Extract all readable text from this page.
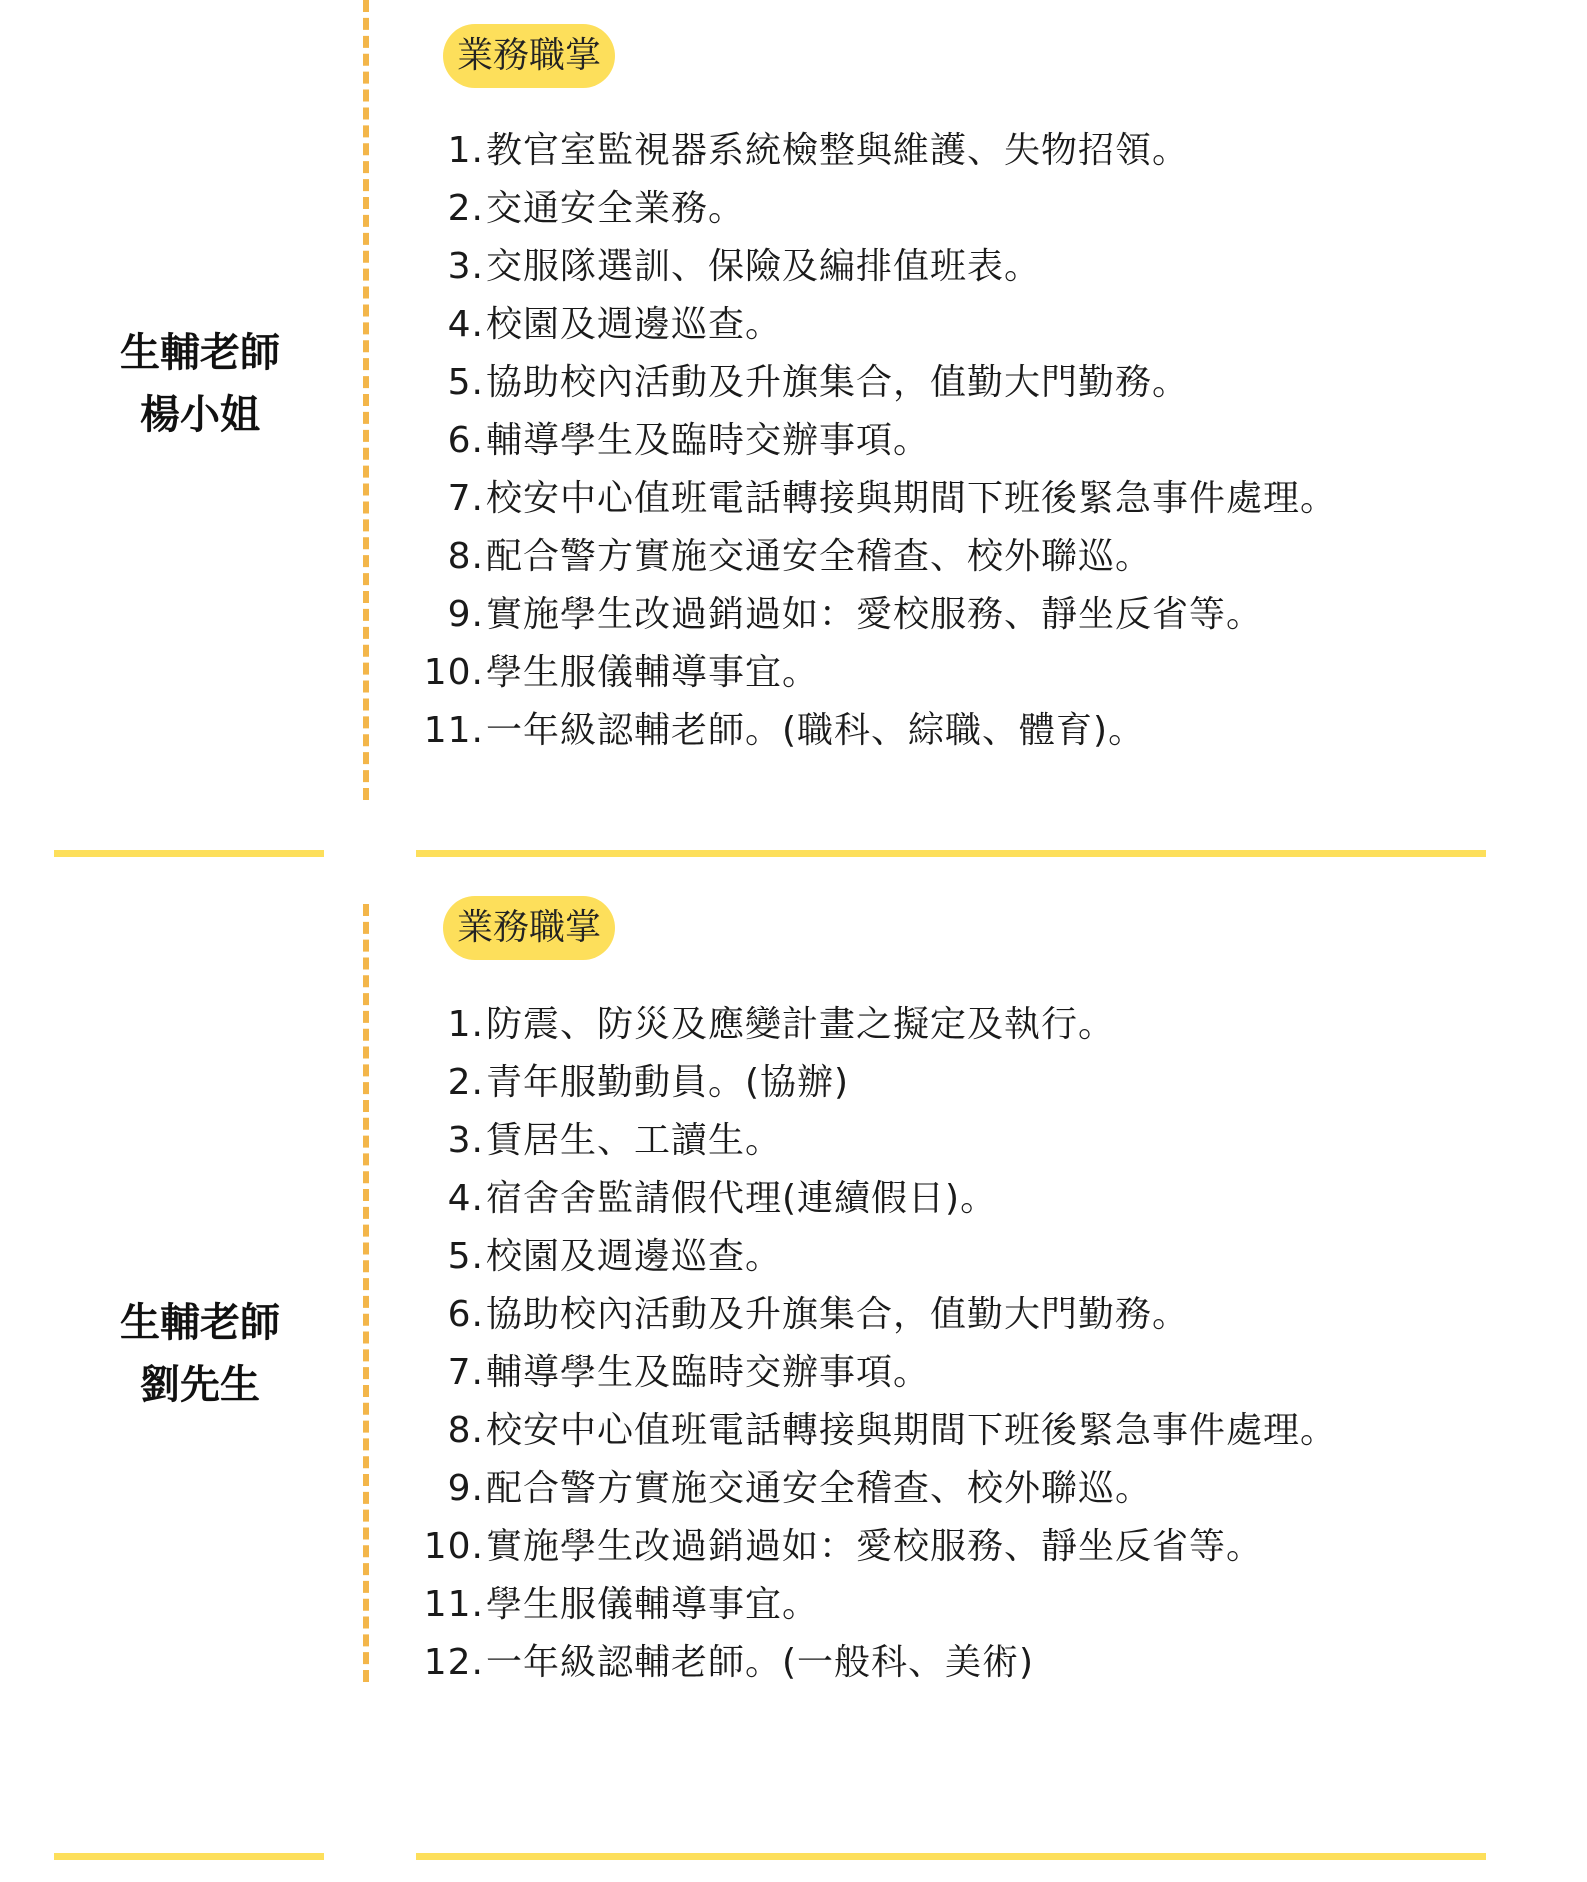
生輔老師
楊小姐
業務職掌
1. 教官室監視器系統檢整與維護、失物招領。
2. 交通安全業務。
3. 交服隊選訓、保險及編排值班表。
4. 校園及週邊巡查。
5. 協助校內活動及升旗集合，值勤大門勤務。
6. 輔導學生及臨時交辦事項。
7. 校安中心值班電話轉接與期間下班後緊急事件處理。
8. 配合警方實施交通安全稽查、校外聯巡。
9. 實施學生改過銷過如：愛校服務、靜坐反省等。
10. 學生服儀輔導事宜。
11. 一年級認輔老師。(職科、綜職、體育)。
生輔老師
劉先生
業務職掌
1. 防震、防災及應變計畫之擬定及執行。
2. 青年服勤動員。(協辦)
3. 賃居生、工讀生。
4. 宿舍舍監請假代理(連續假日)。
5. 校園及週邊巡查。
6. 協助校內活動及升旗集合，值勤大門勤務。
7. 輔導學生及臨時交辦事項。
8. 校安中心值班電話轉接與期間下班後緊急事件處理。
9. 配合警方實施交通安全稽查、校外聯巡。
10. 實施學生改過銷過如：愛校服務、靜坐反省等。
11. 學生服儀輔導事宜。
12. 一年級認輔老師。(一般科、美術)
